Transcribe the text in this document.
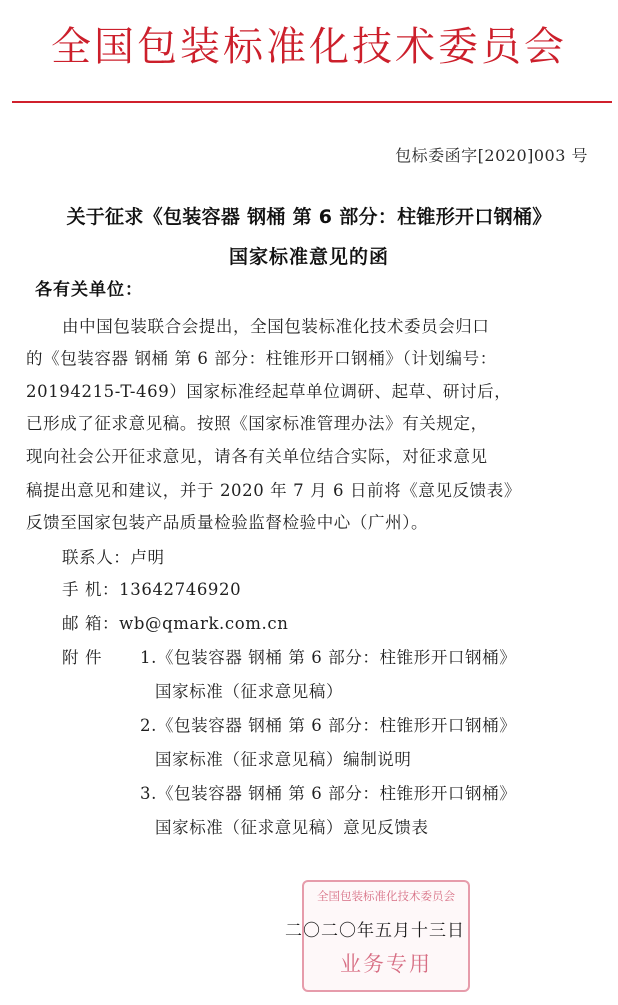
全国包装标准化技术委员会
包标委函字[2020]003 号
关于征求《包装容器 钢桶 第 6 部分：柱锥形开口钢桶》
国家标准意见的函
各有关单位：
由中国包装联合会提出，全国包装标准化技术委员会归口
的《包装容器 钢桶 第 6 部分：柱锥形开口钢桶》（计划编号：
20194215-T-469）国家标准经起草单位调研、起草、研讨后，
已形成了征求意见稿。按照《国家标准管理办法》有关规定，
现向社会公开征求意见，请各有关单位结合实际，对征求意见
稿提出意见和建议，并于 2020 年 7 月 6 日前将《意见反馈表》
反馈至国家包装产品质量检验监督检验中心（广州）。
联系人：卢明
手 机：13642746920
邮 箱：wb@qmark.com.cn
附 件 1.《包装容器 钢桶 第 6 部分：柱锥形开口钢桶》
国家标准（征求意见稿）
2.《包装容器 钢桶 第 6 部分：柱锥形开口钢桶》
国家标准（征求意见稿）编制说明
3.《包装容器 钢桶 第 6 部分：柱锥形开口钢桶》
国家标准（征求意见稿）意见反馈表
全国包装标准化技术委员会
业务专用
二〇二〇年五月十三日
